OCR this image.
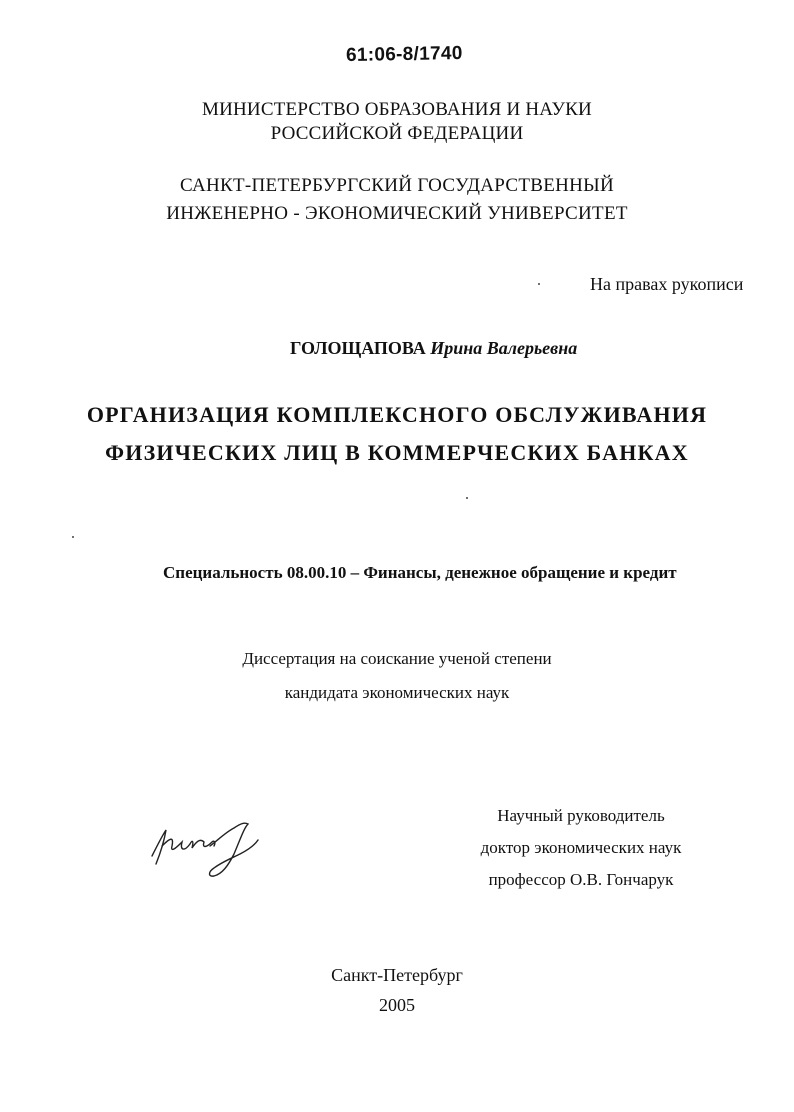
61:06-8/1740
МИНИСТЕРСТВО ОБРАЗОВАНИЯ И НАУКИ
РОССИЙСКОЙ ФЕДЕРАЦИИ
САНКТ-ПЕТЕРБУРГСКИЙ ГОСУДАРСТВЕННЫЙ
ИНЖЕНЕРНО - ЭКОНОМИЧЕСКИЙ УНИВЕРСИТЕТ
На правах рукописи
ГОЛОЩАПОВА Ирина Валерьевна
ОРГАНИЗАЦИЯ КОМПЛЕКСНОГО ОБСЛУЖИВАНИЯ
ФИЗИЧЕСКИХ ЛИЦ В КОММЕРЧЕСКИХ БАНКАХ
Специальность 08.00.10 – Финансы, денежное обращение и кредит
Диссертация на соискание ученой степени
кандидата экономических наук
Научный руководитель
доктор экономических наук
профессор О.В. Гончарук
Санкт-Петербург
2005
